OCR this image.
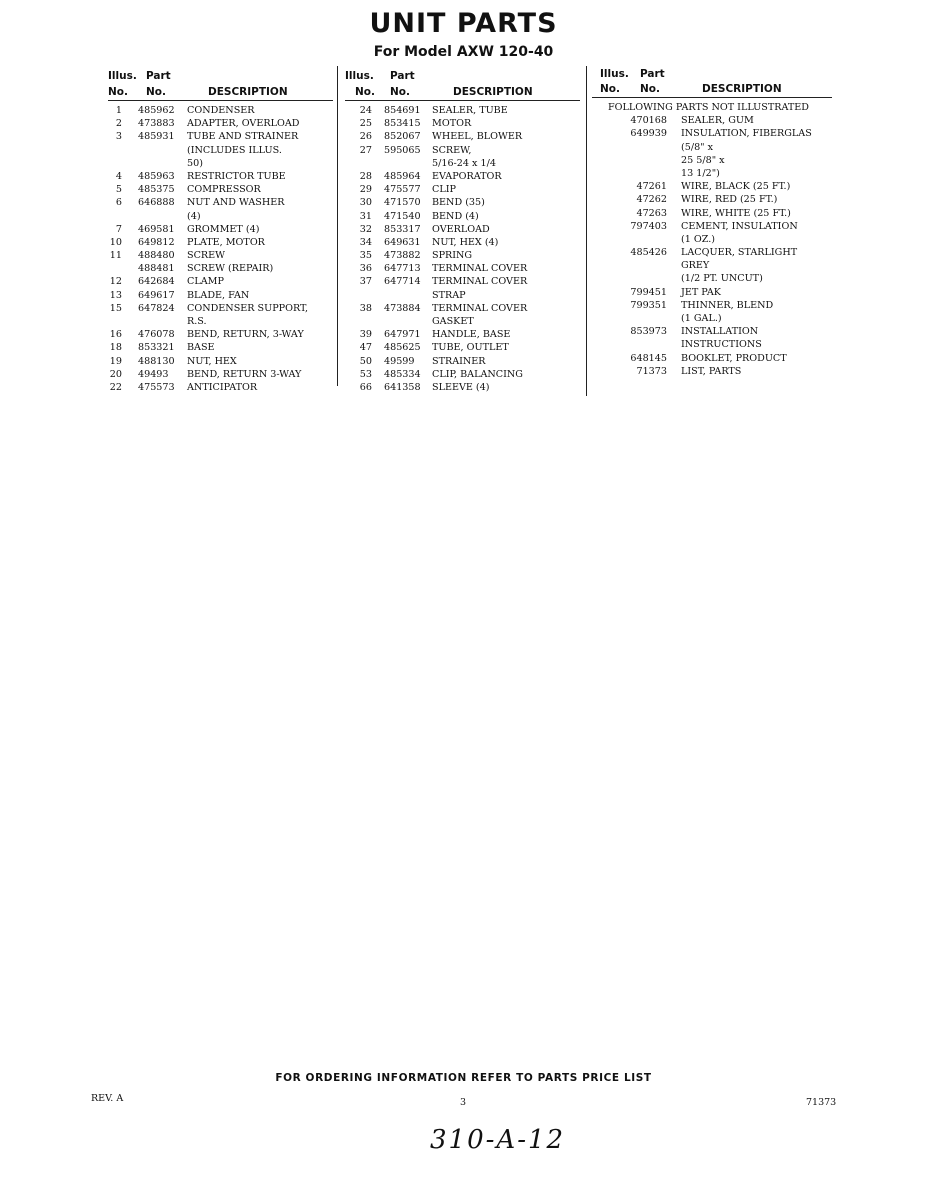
UNIT PARTS
For Model AXW 120-40
Illus. Part
No. No.	DESCRIPTION
1 485962 CONDENSER
2 473883 ADAPTER, OVERLOAD
3 485931 TUBE AND STRAINER
(INCLUDES ILLUS.
50)
4 485963 RESTRICTOR TUBE
5 485375 COMPRESSOR
6 646888 NUT AND WASHER
(4)
7 469581 GROMMET (4)
10 649812 PLATE, MOTOR
11 488480 SCREW
488481 SCREW (REPAIR)
12 642684 CLAMP
13 649617 BLADE, FAN
15 647824 CONDENSER SUPPORT,
R.S.
16 476078 BEND, RETURN, 3-WAY
18 853321 BASE
19 488130 NUT, HEX
20 49493 BEND, RETURN 3-WAY
22 475573 ANTICIPATOR
Illus. Part
No. No.	DESCRIPTION
24 854691 SEALER, TUBE
25 853415 MOTOR
26 852067 WHEEL, BLOWER
27 595065 SCREW,
5/16-24 x 1/4
28 485964 EVAPORATOR
29 475577 CLIP
30 471570 BEND (35)
31 471540 BEND (4)
32 853317 OVERLOAD
34 649631 NUT, HEX (4)
35 473882 SPRING
36 647713 TERMINAL COVER
37 647714 TERMINAL COVER
STRAP
38 473884 TERMINAL COVER
GASKET
39 647971 HANDLE, BASE
47 485625 TUBE, OUTLET
50 49599 STRAINER
53 485334 CLIP, BALANCING
66 641358 SLEEVE (4)
Illus. Part
No. No.	DESCRIPTION
FOLLOWING PARTS NOT ILLUSTRATED
470168 SEALER, GUM
649939 INSULATION, FIBERGLAS
(5/8" x
25 5/8" x
13 1/2")
47261 WIRE, BLACK (25 FT.)
47262 WIRE, RED (25 FT.)
47263 WIRE, WHITE (25 FT.)
797403 CEMENT, INSULATION
(1 OZ.)
485426 LACQUER, STARLIGHT
GREY
(1/2 PT. UNCUT)
799451 JET PAK
799351 THINNER, BLEND
(1 GAL.)
853973 INSTALLATION
INSTRUCTIONS
648145 BOOKLET, PRODUCT
71373 LIST, PARTS
FOR ORDERING INFORMATION REFER TO PARTS PRICE LIST
REV. A	3	71373
310-A-12
